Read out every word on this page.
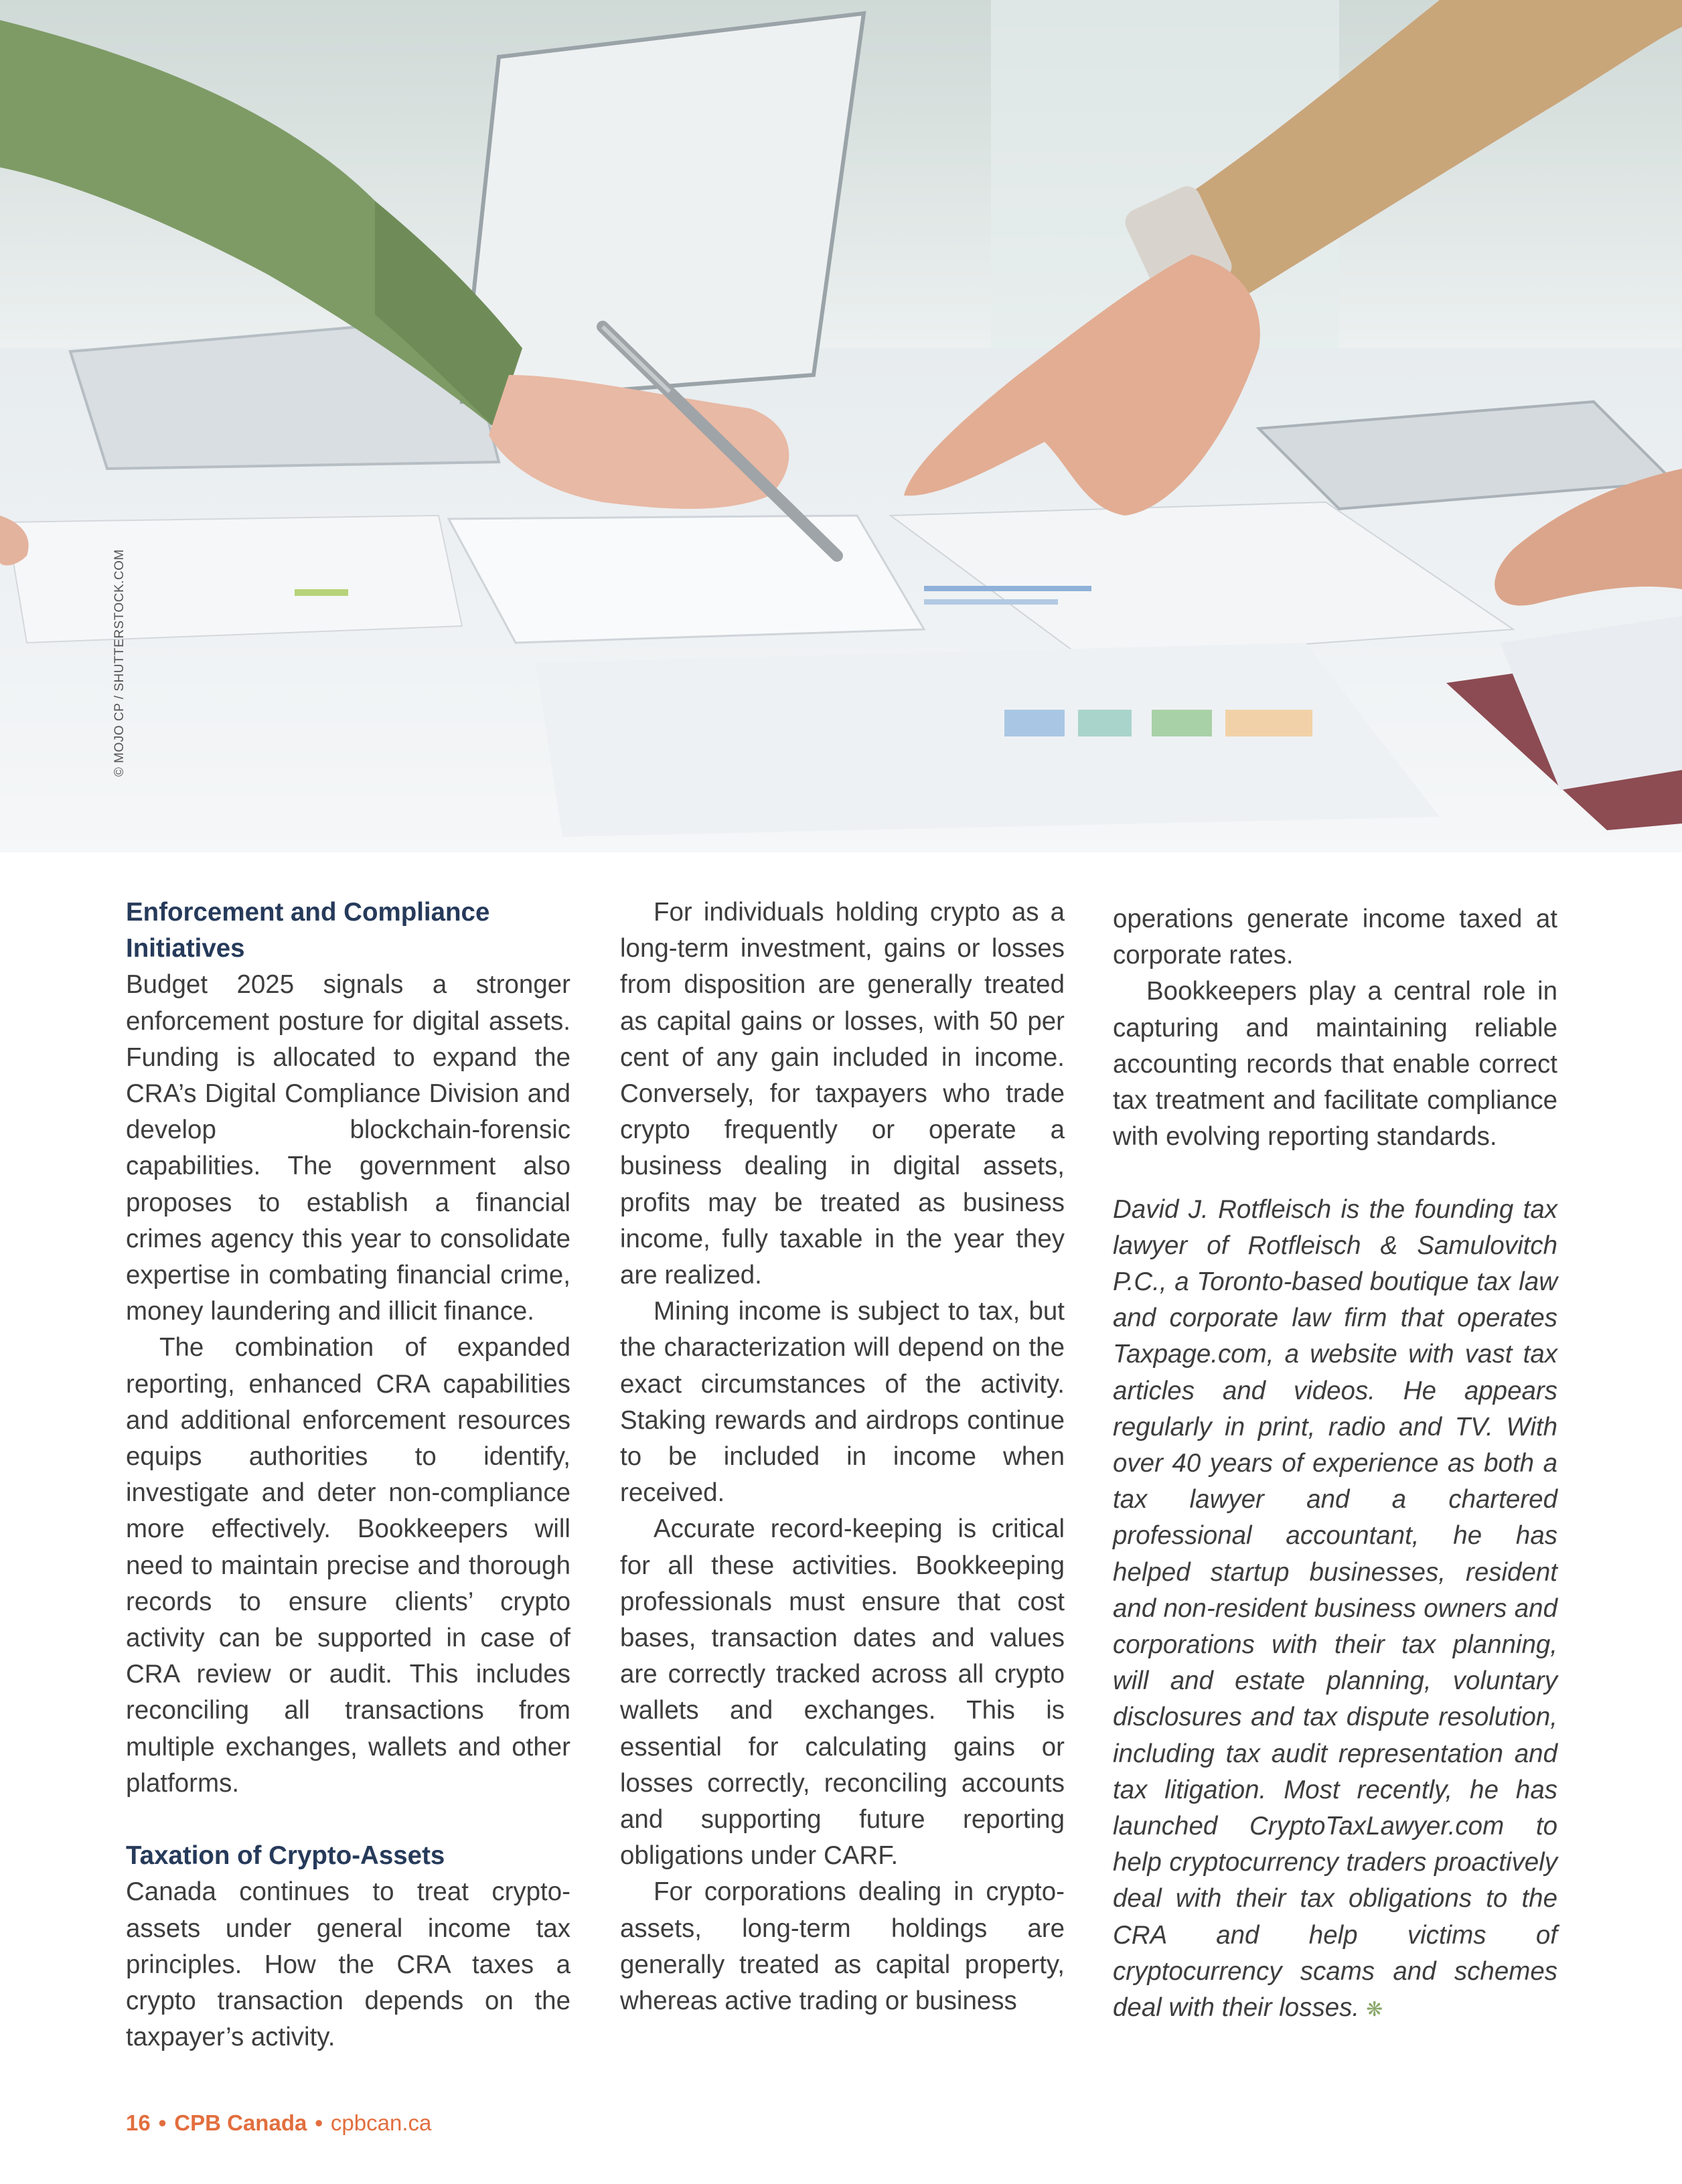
© MOJO CP / SHUTTERSTOCK.COM
Enforcement and Compliance Initiatives

Budget 2025 signals a stronger enforcement posture for digital assets. Funding is allocated to expand the CRA’s Digital Compliance Division and develop blockchain-forensic capabilities. The government also proposes to establish a financial crimes agency this year to consolidate expertise in combating financial crime, money laundering and illicit finance.

The combination of expanded reporting, enhanced CRA capabilities and additional enforcement resources equips authorities to identify, investigate and deter non-compliance more effectively. Bookkeepers will need to maintain precise and thorough records to ensure clients’ crypto activity can be supported in case of CRA review or audit. This includes reconciling all transactions from multiple exchanges, wallets and other platforms.

Taxation of Crypto-Assets

Canada continues to treat crypto-assets under general income tax principles. How the CRA taxes a crypto transaction depends on the taxpayer’s activity.

For individuals holding crypto as a long-term investment, gains or losses from disposition are generally treated as capital gains or losses, with 50 per cent of any gain included in income. Conversely, for taxpayers who trade crypto frequently or operate a business dealing in digital assets, profits may be treated as business income, fully taxable in the year they are realized.

Mining income is subject to tax, but the characterization will depend on the exact circumstances of the activity. Staking rewards and airdrops continue to be included in income when received.

Accurate record-keeping is critical for all these activities. Bookkeeping professionals must ensure that cost bases, transaction dates and values are correctly tracked across all crypto wallets and exchanges. This is essential for calculating gains or losses correctly, reconciling accounts and supporting future reporting obligations under CARF.

For corporations dealing in crypto-assets, long-term holdings are generally treated as capital property, whereas active trading or business

operations generate income taxed at corporate rates.

Bookkeepers play a central role in capturing and maintaining reliable accounting records that enable correct tax treatment and facilitate compliance with evolving reporting standards.

David J. Rotfleisch is the founding tax lawyer of Rotfleisch & Samulovitch P.C., a Toronto-based boutique tax law and corporate law firm that operates Taxpage.com, a website with vast tax articles and videos. He appears regularly in print, radio and TV. With over 40 years of experience as both a tax lawyer and a chartered professional accountant, he has helped startup businesses, resident and non-resident business owners and corporations with their tax planning, will and estate planning, voluntary disclosures and tax dispute resolution, including tax audit representation and tax litigation. Most recently, he has launched CryptoTaxLawyer.com to help cryptocurrency traders proactively deal with their tax obligations to the CRA and help victims of cryptocurrency scams and schemes deal with their losses. ❋

16 • CPB Canada • cpbcan.ca
